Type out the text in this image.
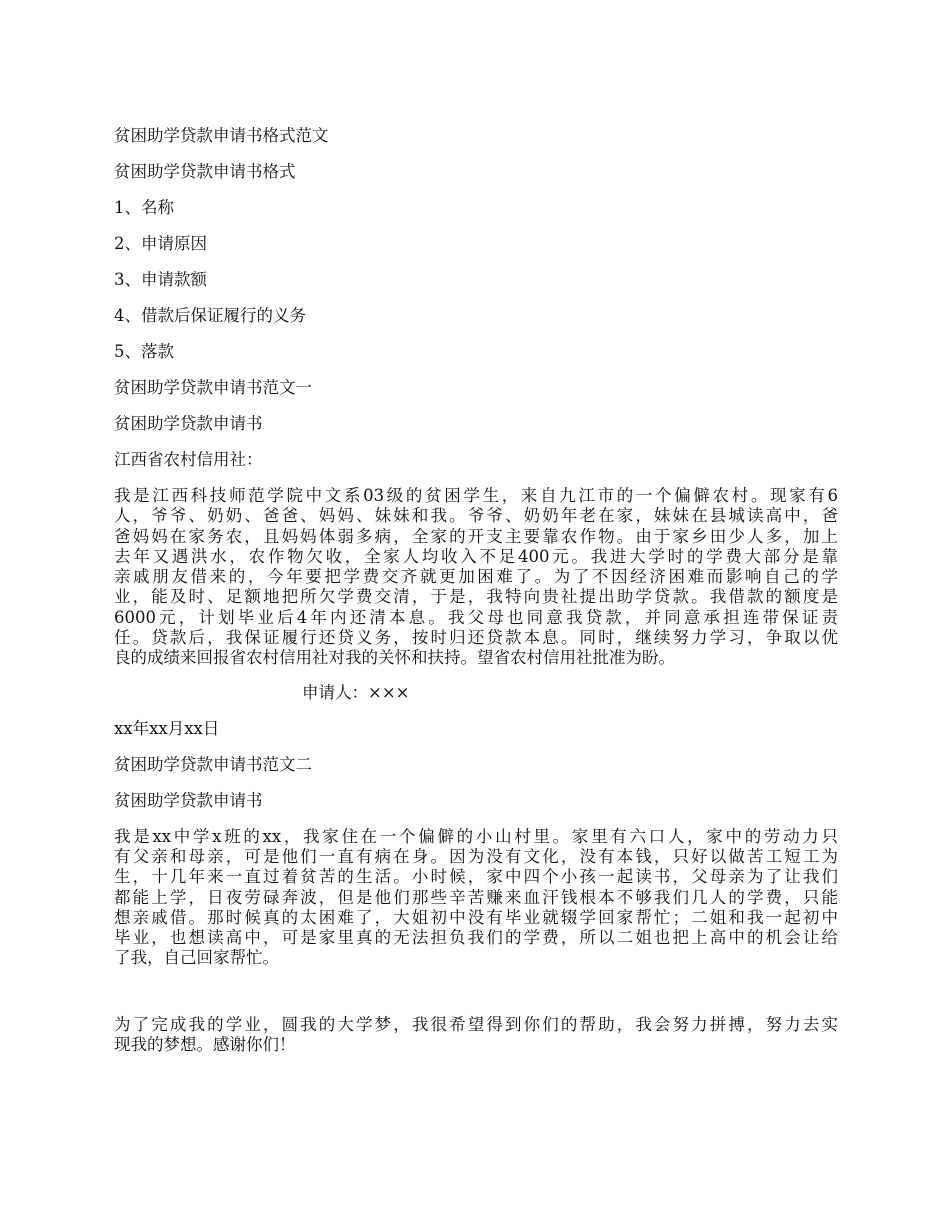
贫困助学贷款申请书格式范文
贫困助学贷款申请书格式
1、名称
2、申请原因
3、申请款额
4、借款后保证履行的义务
5、落款
贫困助学贷款申请书范文一
贫困助学贷款申请书
江西省农村信用社：
我是江西科技师范学院中文系03级的贫困学生，来自九江市的一个偏僻农村。现家有6
人，爷爷、奶奶、爸爸、妈妈、妹妹和我。爷爷、奶奶年老在家，妹妹在县城读高中，爸
爸妈妈在家务农，且妈妈体弱多病，全家的开支主要靠农作物。由于家乡田少人多，加上
去年又遇洪水，农作物欠收，全家人均收入不足400元。我进大学时的学费大部分是靠
亲戚朋友借来的，今年要把学费交齐就更加困难了。为了不因经济困难而影响自己的学
业，能及时、足额地把所欠学费交清，于是，我特向贵社提出助学贷款。我借款的额度是
6000元，计划毕业后4年内还清本息。我父母也同意我贷款，并同意承担连带保证责
任。贷款后，我保证履行还贷义务，按时归还贷款本息。同时，继续努力学习，争取以优
良的成绩来回报省农村信用社对我的关怀和扶持。望省农村信用社批准为盼。
申请人：×××
xx年xx月xx日
贫困助学贷款申请书范文二
贫困助学贷款申请书
我是xx中学x班的xx，我家住在一个偏僻的小山村里。家里有六口人，家中的劳动力只
有父亲和母亲，可是他们一直有病在身。因为没有文化，没有本钱，只好以做苦工短工为
生，十几年来一直过着贫苦的生活。小时候，家中四个小孩一起读书，父母亲为了让我们
都能上学，日夜劳碌奔波，但是他们那些辛苦赚来血汗钱根本不够我们几人的学费，只能
想亲戚借。那时候真的太困难了，大姐初中没有毕业就辍学回家帮忙；二姐和我一起初中
毕业，也想读高中，可是家里真的无法担负我们的学费，所以二姐也把上高中的机会让给
了我，自己回家帮忙。
为了完成我的学业，圆我的大学梦，我很希望得到你们的帮助，我会努力拼搏，努力去实
现我的梦想。感谢你们！
